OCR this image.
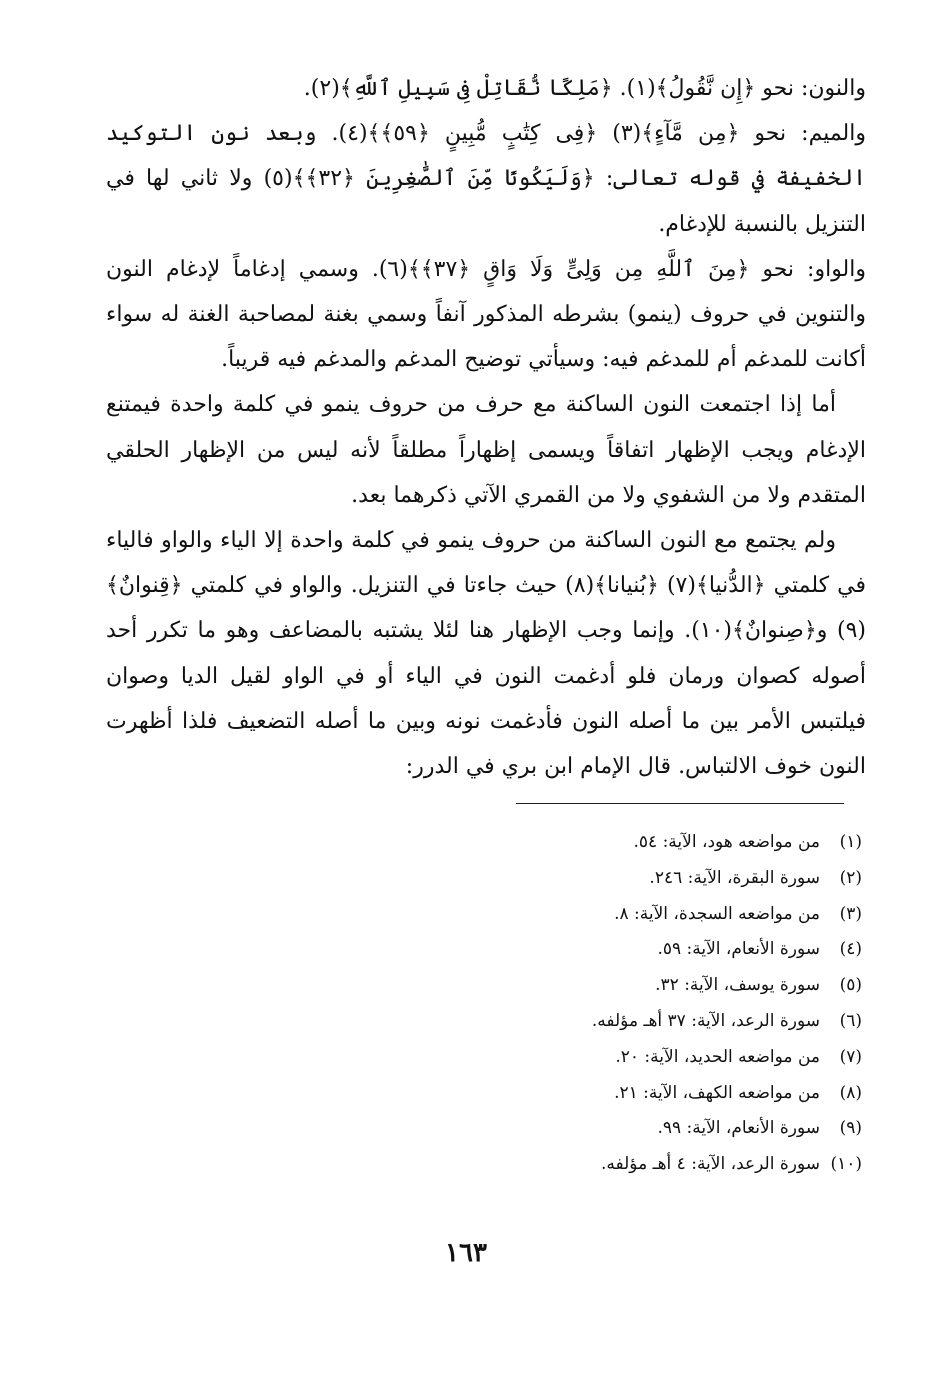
والنون: نحو ﴿إِن نَّقُولُ﴾(١). ﴿مَلِكًا نُّقَاتِلْ فِى سَبِيلِ ٱللَّهِ﴾(٢).

والميم: نحو ﴿مِن مَّآءٍ﴾(٣) ﴿فِى كِتَٰبٍ مُّبِينٍ ﴿٥٩﴾﴾(٤). وبعد نون التوكيد الخفيفة في قوله تعالى: ﴿وَلَيَكُونًا مِّنَ ٱلصَّٰغِرِينَ ﴿٣٢﴾﴾(٥) ولا ثاني لها في التنزيل بالنسبة للإدغام.

والواو: نحو ﴿مِنَ ٱللَّهِ مِن وَلِىٍّ وَلَا وَاقٍ ﴿٣٧﴾﴾(٦). وسمي إدغاماً لإدغام النون والتنوين في حروف (ينمو) بشرطه المذكور آنفاً وسمي بغنة لمصاحبة الغنة له سواء أكانت للمدغم أم للمدغم فيه: وسيأتي توضيح المدغم والمدغم فيه قريباً.

أما إذا اجتمعت النون الساكنة مع حرف من حروف ينمو في كلمة واحدة فيمتنع الإدغام ويجب الإظهار اتفاقاً ويسمى إظهاراً مطلقاً لأنه ليس من الإظهار الحلقي المتقدم ولا من الشفوي ولا من القمري الآتي ذكرهما بعد.

ولم يجتمع مع النون الساكنة من حروف ينمو في كلمة واحدة إلا الياء والواو فالياء في كلمتي ﴿الدُّنيا﴾(٧) ﴿بُنيانا﴾(٨) حيث جاءتا في التنزيل. والواو في كلمتي ﴿قِنوانٌ﴾(٩) و﴿صِنوانٌ﴾(١٠). وإنما وجب الإظهار هنا لئلا يشتبه بالمضاعف وهو ما تكرر أحد أصوله كصوان ورمان فلو أدغمت النون في الياء أو في الواو لقيل الديا وصوان فيلتبس الأمر بين ما أصله النون فأدغمت نونه وبين ما أصله التضعيف فلذا أظهرت النون خوف الالتباس. قال الإمام ابن بري في الدرر:

(١)من مواضعه هود، الآية: ٥٤.
(٢)سورة البقرة، الآية: ٢٤٦.
(٣)من مواضعه السجدة، الآية: ٨.
(٤)سورة الأنعام، الآية: ٥٩.
(٥)سورة يوسف، الآية: ٣٢.
(٦)سورة الرعد، الآية: ٣٧ أهـ مؤلفه.
(٧)من مواضعه الحديد، الآية: ٢٠.
(٨)من مواضعه الكهف، الآية: ٢١.
(٩)سورة الأنعام، الآية: ٩٩.
(١٠)سورة الرعد، الآية: ٤ أهـ مؤلفه.
١٦٣
